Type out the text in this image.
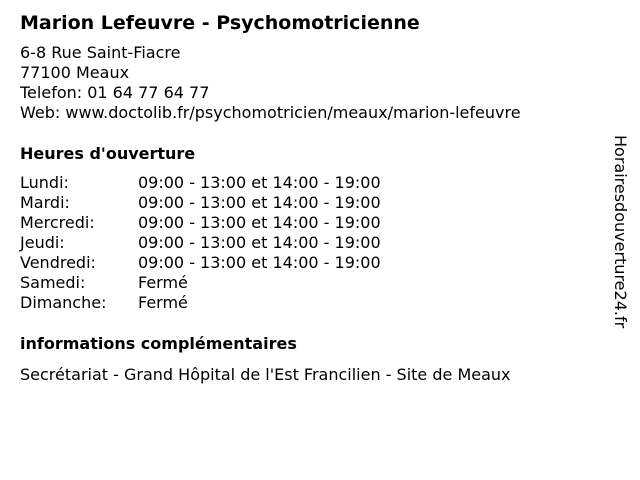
Marion Lefeuvre - Psychomotricienne
6-8 Rue Saint-Fiacre
77100 Meaux
Telefon: 01 64 77 64 77
Web: www.doctolib.fr/psychomotricien/meaux/marion-lefeuvre
Heures d'ouverture
Lundi:	09:00 - 13:00 et 14:00 - 19:00
Mardi:	09:00 - 13:00 et 14:00 - 19:00
Mercredi:	09:00 - 13:00 et 14:00 - 19:00
Jeudi:	09:00 - 13:00 et 14:00 - 19:00
Vendredi:	09:00 - 13:00 et 14:00 - 19:00
Samedi:	Fermé
Dimanche:	Fermé
informations complémentaires
Secrétariat - Grand Hôpital de l'Est Francilien - Site de Meaux
Horairesdouverture24.fr
